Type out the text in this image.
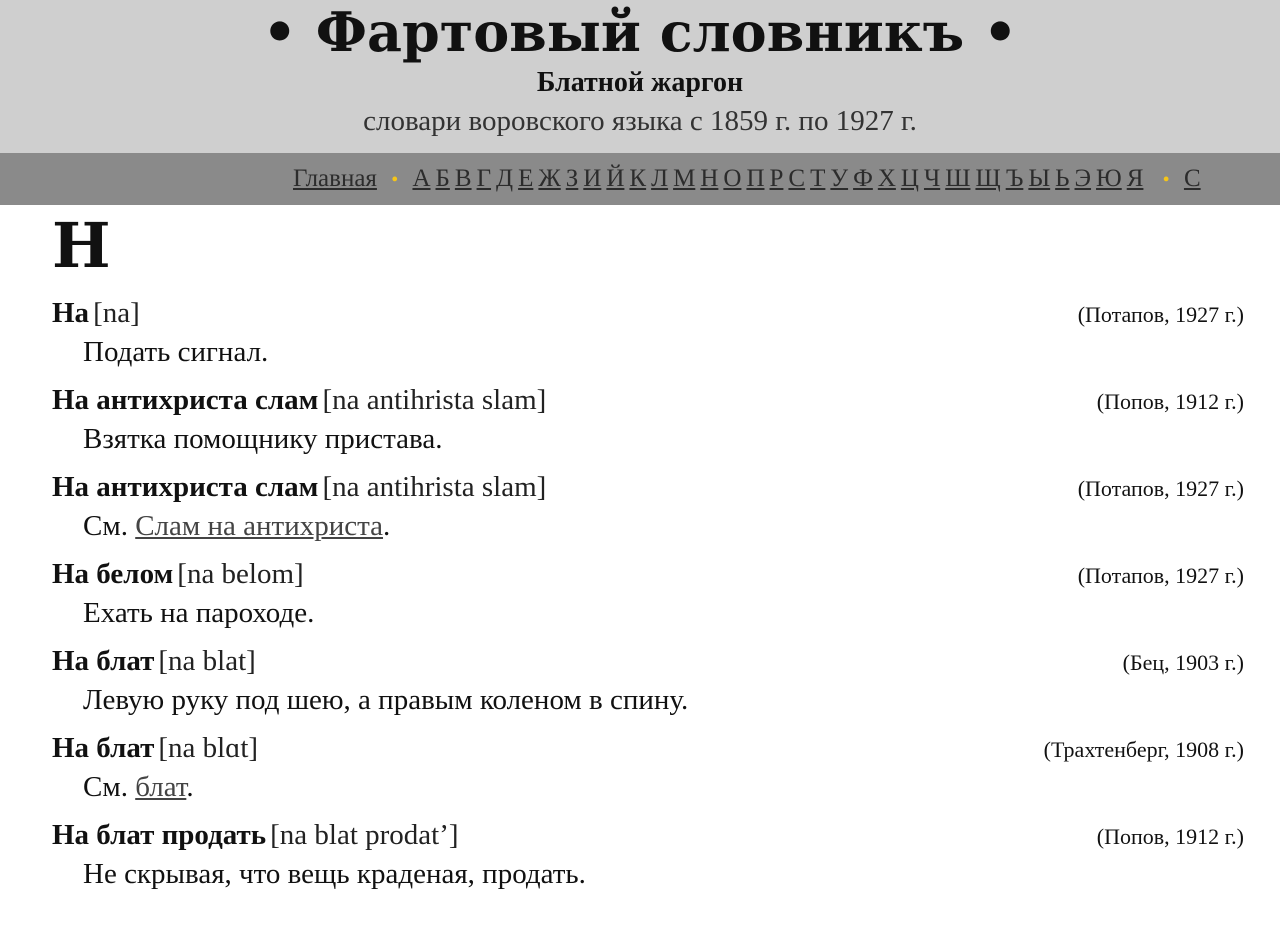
• Фартовый словникъ •
Блатной жаргон
словари воровского языка с 1859 г. по 1927 г.
Главная • А Б В Г Д Е Ж З И Й К Л М Н О П Р С Т У Ф Х Ц Ч Ш Щ Ъ Ы Ь Э Ю Я • С
Н
На [na]	(Потапов, 1927 г.)
Подать сигнал.
На антихриста слам [na antihrista slam]	(Попов, 1912 г.)
Взятка помощнику пристава.
На антихриста слам [na antihrista slam]	(Потапов, 1927 г.)
См. Слам на антихриста.
На белом [na belom]	(Потапов, 1927 г.)
Ехать на пароходе.
На блат [na blat]	(Бец, 1903 г.)
Левую руку под шею, а правым коленом в спину.
На блат [na blɑt]	(Трахтенберг, 1908 г.)
См. блат.
На блат продать [na blat prodat’]	(Попов, 1912 г.)
Не скрывая, что вещь краденая, продать.
